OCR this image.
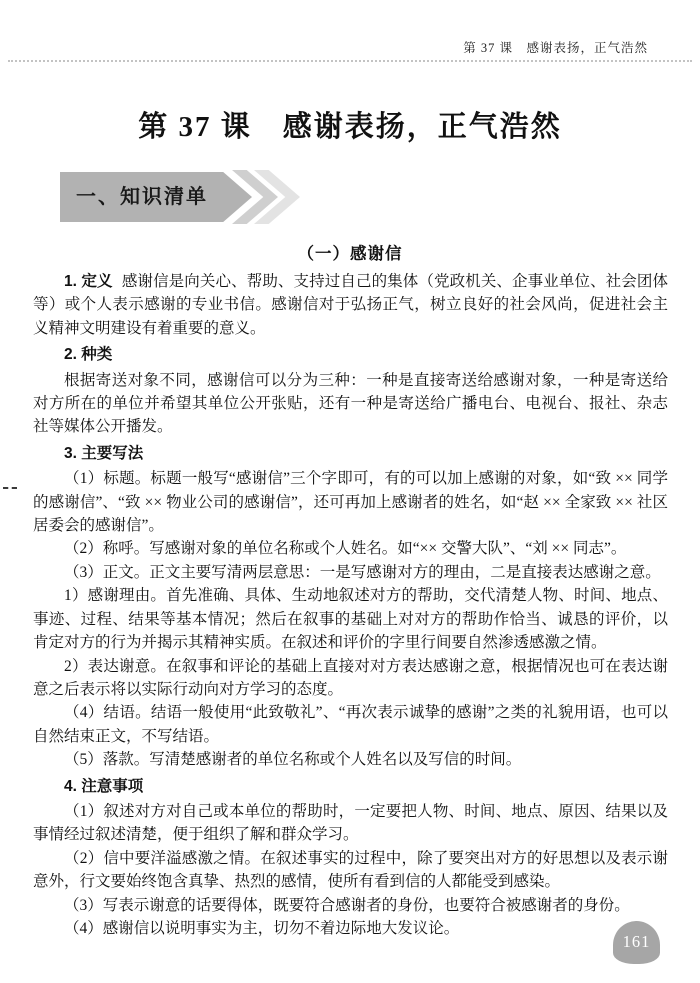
第 37 课　感谢表扬，正气浩然
第 37 课　感谢表扬，正气浩然
一、知识清单
（一）感谢信

1. 定义 感谢信是向关心、帮助、支持过自己的集体（党政机关、企事业单位、社会团体等）或个人表示感谢的专业书信。感谢信对于弘扬正气，树立良好的社会风尚，促进社会主义精神文明建设有着重要的意义。

2. 种类

根据寄送对象不同，感谢信可以分为三种：一种是直接寄送给感谢对象，一种是寄送给对方所在的单位并希望其单位公开张贴，还有一种是寄送给广播电台、电视台、报社、杂志社等媒体公开播发。

3. 主要写法

（1）标题。标题一般写“感谢信”三个字即可，有的可以加上感谢的对象，如“致 ×× 同学的感谢信”、“致 ×× 物业公司的感谢信”，还可再加上感谢者的姓名，如“赵 ×× 全家致 ×× 社区居委会的感谢信”。

（2）称呼。写感谢对象的单位名称或个人姓名。如“×× 交警大队”、“刘 ×× 同志”。

（3）正文。正文主要写清两层意思：一是写感谢对方的理由，二是直接表达感谢之意。

1）感谢理由。首先准确、具体、生动地叙述对方的帮助，交代清楚人物、时间、地点、事迹、过程、结果等基本情况；然后在叙事的基础上对对方的帮助作恰当、诚恳的评价，以肯定对方的行为并揭示其精神实质。在叙述和评价的字里行间要自然渗透感激之情。

2）表达谢意。在叙事和评论的基础上直接对对方表达感谢之意，根据情况也可在表达谢意之后表示将以实际行动向对方学习的态度。

（4）结语。结语一般使用“此致敬礼”、“再次表示诚挚的感谢”之类的礼貌用语，也可以自然结束正文，不写结语。

（5）落款。写清楚感谢者的单位名称或个人姓名以及写信的时间。

4. 注意事项

（1）叙述对方对自己或本单位的帮助时，一定要把人物、时间、地点、原因、结果以及事情经过叙述清楚，便于组织了解和群众学习。

（2）信中要洋溢感激之情。在叙述事实的过程中，除了要突出对方的好思想以及表示谢意外，行文要始终饱含真挚、热烈的感情，使所有看到信的人都能受到感染。

（3）写表示谢意的话要得体，既要符合感谢者的身份，也要符合被感谢者的身份。

（4）感谢信以说明事实为主，切勿不着边际地大发议论。

161
